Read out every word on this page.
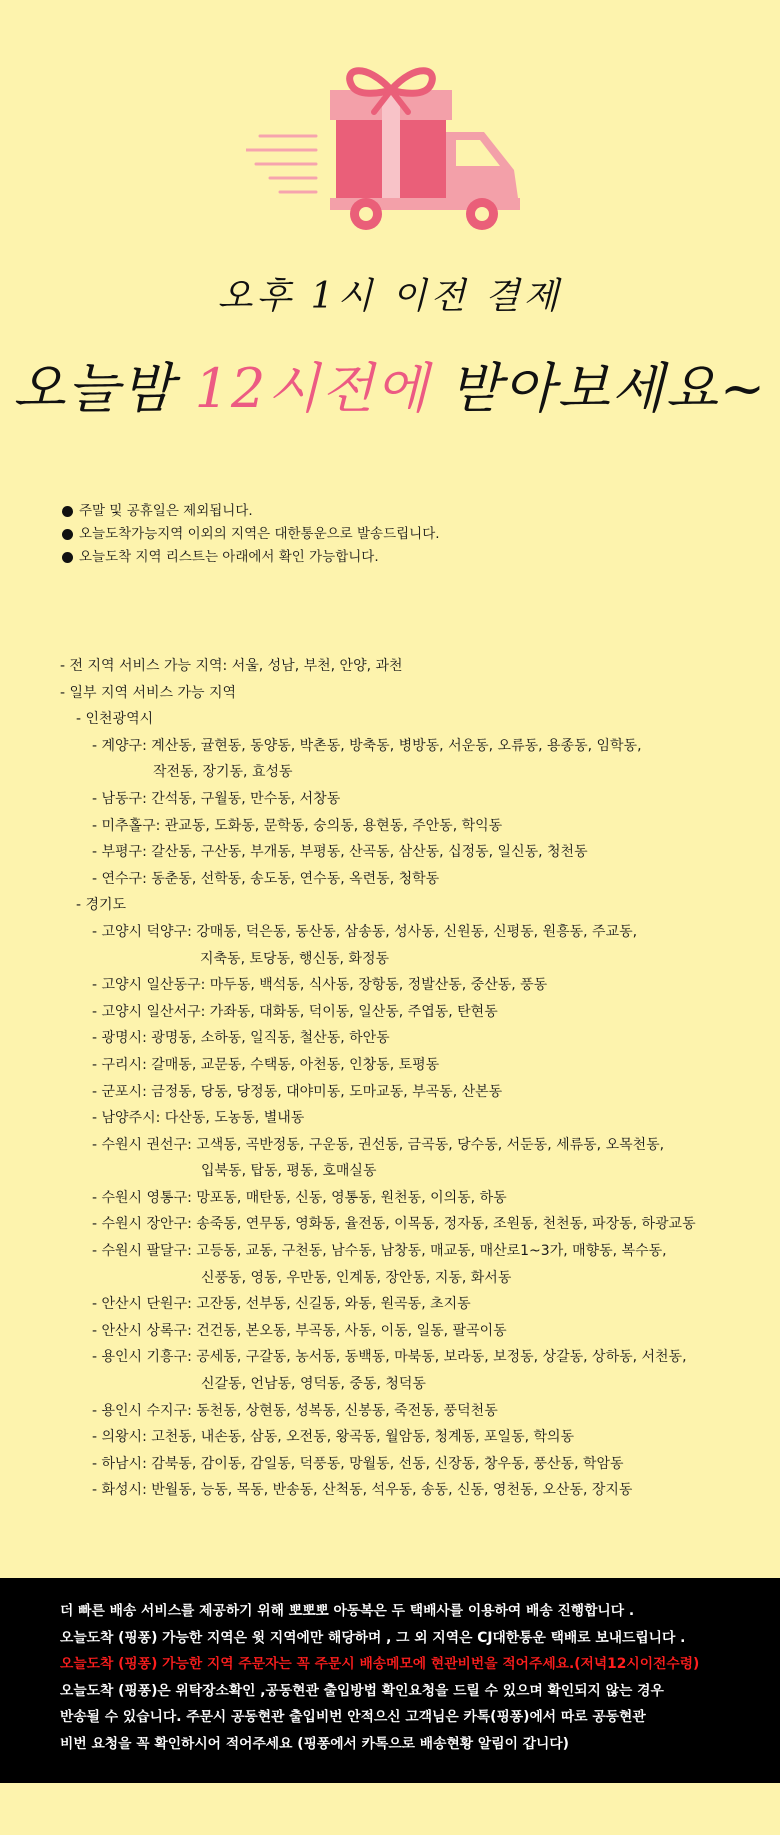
오후 1시 이전 결제
오늘밤 12시전에 받아보세요~
주말 및 공휴일은 제외됩니다.
오늘도착가능지역 이외의 지역은 대한통운으로 발송드립니다.
오늘도착 지역 리스트는 아래에서 확인 가능합니다.
- 전 지역 서비스 가능 지역: 서울, 성남, 부천, 안양, 과천
- 일부 지역 서비스 가능 지역
- 인천광역시
- 계양구: 계산동, 귤현동, 동양동, 박촌동, 방축동, 병방동, 서운동, 오류동, 용종동, 임학동,
작전동, 장기동, 효성동
- 남동구: 간석동, 구월동, 만수동, 서창동
- 미추홀구: 관교동, 도화동, 문학동, 숭의동, 용현동, 주안동, 학익동
- 부평구: 갈산동, 구산동, 부개동, 부평동, 산곡동, 삼산동, 십정동, 일신동, 청천동
- 연수구: 동춘동, 선학동, 송도동, 연수동, 옥련동, 청학동
- 경기도
- 고양시 덕양구: 강매동, 덕은동, 동산동, 삼송동, 성사동, 신원동, 신평동, 원흥동, 주교동,
지축동, 토당동, 행신동, 화정동
- 고양시 일산동구: 마두동, 백석동, 식사동, 장항동, 정발산동, 중산동, 풍동
- 고양시 일산서구: 가좌동, 대화동, 덕이동, 일산동, 주엽동, 탄현동
- 광명시: 광명동, 소하동, 일직동, 철산동, 하안동
- 구리시: 갈매동, 교문동, 수택동, 아천동, 인창동, 토평동
- 군포시: 금정동, 당동, 당정동, 대야미동, 도마교동, 부곡동, 산본동
- 남양주시: 다산동, 도농동, 별내동
- 수원시 권선구: 고색동, 곡반정동, 구운동, 권선동, 금곡동, 당수동, 서둔동, 세류동, 오목천동,
입북동, 탑동, 평동, 호매실동
- 수원시 영통구: 망포동, 매탄동, 신동, 영통동, 원천동, 이의동, 하동
- 수원시 장안구: 송죽동, 연무동, 영화동, 율전동, 이목동, 정자동, 조원동, 천천동, 파장동, 하광교동
- 수원시 팔달구: 고등동, 교동, 구천동, 남수동, 남창동, 매교동, 매산로1~3가, 매향동, 복수동,
신풍동, 영동, 우만동, 인계동, 장안동, 지동, 화서동
- 안산시 단원구: 고잔동, 선부동, 신길동, 와동, 원곡동, 초지동
- 안산시 상록구: 건건동, 본오동, 부곡동, 사동, 이동, 일동, 팔곡이동
- 용인시 기흥구: 공세동, 구갈동, 농서동, 동백동, 마북동, 보라동, 보정동, 상갈동, 상하동, 서천동,
신갈동, 언남동, 영덕동, 중동, 청덕동
- 용인시 수지구: 동천동, 상현동, 성복동, 신봉동, 죽전동, 풍덕천동
- 의왕시: 고천동, 내손동, 삼동, 오전동, 왕곡동, 월암동, 청계동, 포일동, 학의동
- 하남시: 감북동, 감이동, 감일동, 덕풍동, 망월동, 선동, 신장동, 창우동, 풍산동, 학암동
- 화성시: 반월동, 능동, 목동, 반송동, 산척동, 석우동, 송동, 신동, 영천동, 오산동, 장지동
더 빠른 배송 서비스를 제공하기 위해 뽀뽀뽀 아동복은 두 택배사를 이용하여 배송 진행합니다 .
오늘도착 (핑퐁) 가능한 지역은 윗 지역에만 해당하며 , 그 외 지역은 CJ대한통운 택배로 보내드립니다 .
오늘도착 (핑퐁) 가능한 지역 주문자는 꼭 주문시 배송메모에 현관비번을 적어주세요.(저녁12시이전수령)
오늘도착 (핑퐁)은 위탁장소확인 ,공동현관 출입방법 확인요청을 드릴 수 있으며 확인되지 않는 경우
반송될 수 있습니다. 주문시 공동현관 출입비번 안적으신 고객님은 카톡(핑퐁)에서 따로 공동현관
비번 요청을 꼭 확인하시어 적어주세요 (핑퐁에서 카톡으로 배송현황 알림이 갑니다)
